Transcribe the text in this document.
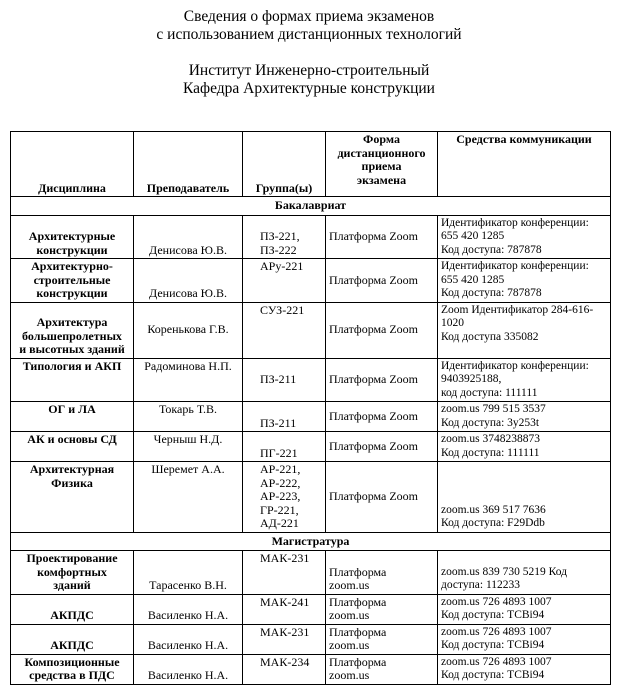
Сведения о формах приема экзаменов
с использованием дистанционных технологий
Институт Инженерно-строительный
Кафедра Архитектурные конструкции
Дисциплина	Преподаватель	Группа(ы)	Форма
дистанционного
приема
экзамена	Средства коммуникации
Бакалавриат				

Архитектурные
конструкции	Денисова Ю.В.	ПЗ-221,
ПЗ-222	Платформа Zoom	Идентификатор конференции:
655 420 1285
Код доступа: 787878

Архитектурно-
строительные
конструкции	Денисова Ю.В.	АРу-221	Платформа Zoom	Идентификатор конференции:
655 420 1285
Код доступа: 787878

Архитектура
большепролетных
и высотных зданий	Коренькова Г.В.	СУЗ-221	Платформа Zoom	Zoom Идентификатор 284-616-
1020
Код доступа 335082

Типология и АКП	Радоминова Н.П.	ПЗ-211	Платформа Zoom	Идентификатор конференции:
9403925188,
код доступа: 111111

ОГ и ЛА	Токарь Т.В.	ПЗ-211	Платформа Zoom	zoom.us 799 515 3537
Код доступа: 3y253t

АК и основы СД	Черныш Н.Д.	ПГ-221	Платформа Zoom	zoom.us 3748238873
Код доступа: 111111

Архитектурная
Физика	Шеремет А.А.	АР-221,
АР-222,
АР-223,
ГР-221,
АД-221	Платформа Zoom	zoom.us 369 517 7636
Код доступа: F29Ddb

Магистратура				

Проектирование
комфортных
зданий	Тарасенко В.Н.	МАК-231	Платформа
zoom.us	zoom.us 839 730 5219 Код
доступа: 112233

АКПДС	Василенко Н.А.	МАК-241	Платформа
zoom.us	zoom.us 726 4893 1007
Код доступа: TCBi94

АКПДС	Василенко Н.А.	МАК-231	Платформа
zoom.us	zoom.us 726 4893 1007
Код доступа: TCBi94

Композиционные
средства в ПДС	Василенко Н.А.	МАК-234	Платформа
zoom.us	zoom.us 726 4893 1007
Код доступа: TCBi94
